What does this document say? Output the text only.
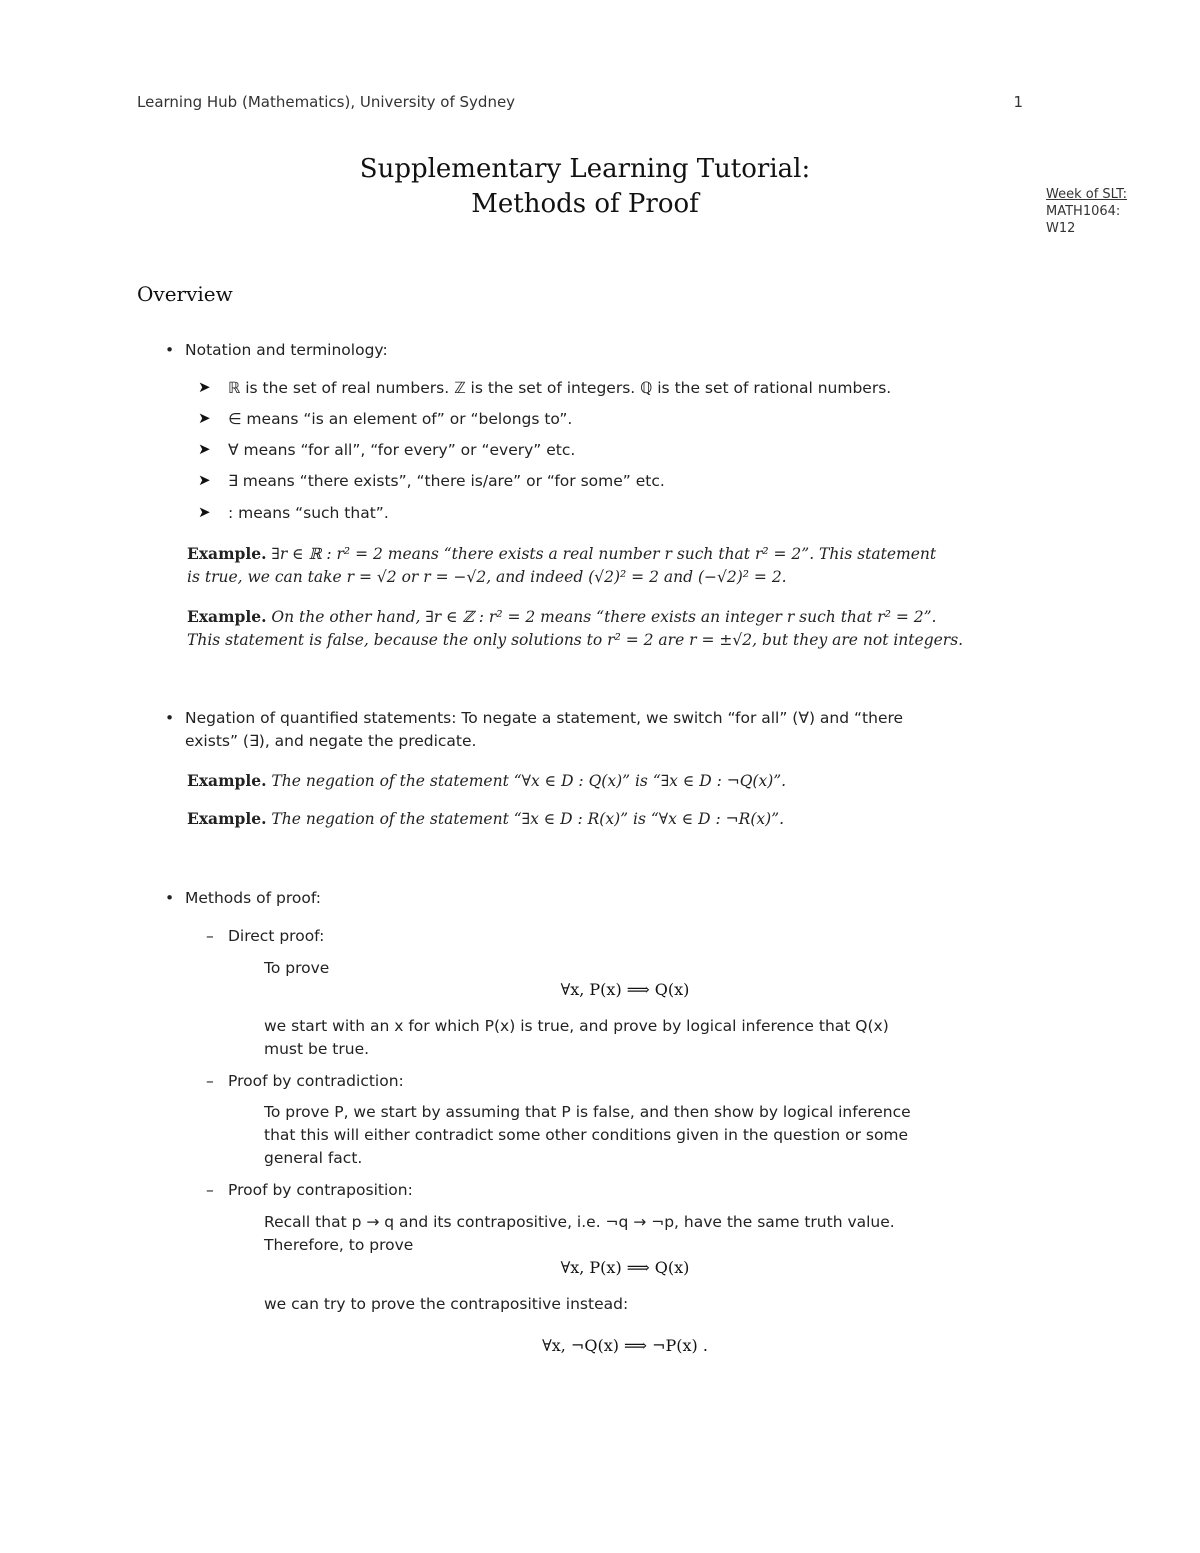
Learning Hub (Mathematics), University of Sydney	1
Supplementary Learning Tutorial:
Methods of Proof	Week of SLT:
MATH1064:
W12
Overview
• Notation and terminology:
➤ ℝ is the set of real numbers. ℤ is the set of integers. ℚ is the set of rational numbers.
➤ ∈ means “is an element of” or “belongs to”.
➤ ∀ means “for all”, “for every” or “every” etc.
➤ ∃ means “there exists”, “there is/are” or “for some” etc.
➤ : means “such that”.
Example. ∃r ∈ ℝ : r² = 2 means “there exists a real number r such that r² = 2”. This statement
is true, we can take r = √2 or r = −√2, and indeed (√2)² = 2 and (−√2)² = 2.
Example. On the other hand, ∃r ∈ ℤ : r² = 2 means “there exists an integer r such that r² = 2”.
This statement is false, because the only solutions to r² = 2 are r = ±√2, but they are not integers.
• Negation of quantified statements: To negate a statement, we switch “for all” (∀) and “there
exists” (∃), and negate the predicate.
Example. The negation of the statement “∀x ∈ D : Q(x)” is “∃x ∈ D : ¬Q(x)”.
Example. The negation of the statement “∃x ∈ D : R(x)” is “∀x ∈ D : ¬R(x)”.
• Methods of proof:
– Direct proof:
To prove
∀x, P(x) ⟹ Q(x)
we start with an x for which P(x) is true, and prove by logical inference that Q(x)
must be true.
– Proof by contradiction:
To prove P, we start by assuming that P is false, and then show by logical inference
that this will either contradict some other conditions given in the question or some
general fact.
– Proof by contraposition:
Recall that p → q and its contrapositive, i.e. ¬q → ¬p, have the same truth value.
Therefore, to prove
∀x, P(x) ⟹ Q(x)
we can try to prove the contrapositive instead:
∀x, ¬Q(x) ⟹ ¬P(x) .
